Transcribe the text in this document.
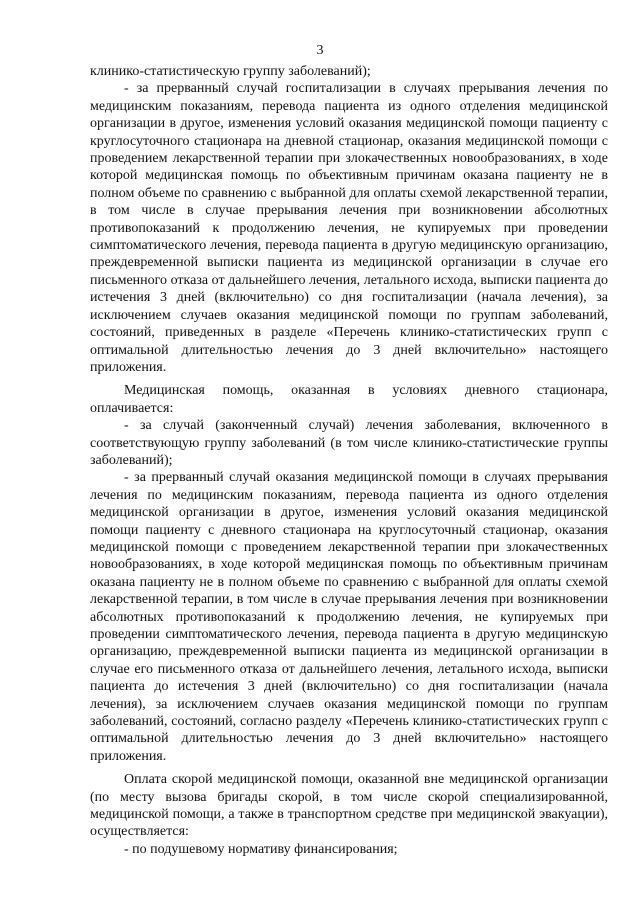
3

клинико-статистическую группу заболеваний);

- за прерванный случай госпитализации в случаях прерывания лечения по медицинским показаниям, перевода пациента из одного отделения медицинской организации в другое, изменения условий оказания медицинской помощи пациенту с круглосуточного стационара на дневной стационар, оказания медицинской помощи с проведением лекарственной терапии при злокачественных новообразованиях, в ходе которой медицинская помощь по объективным причинам оказана пациенту не в полном объеме по сравнению с выбранной для оплаты схемой лекарственной терапии, в том числе в случае прерывания лечения при возникновении абсолютных противопоказаний к продолжению лечения, не купируемых при проведении симптоматического лечения, перевода пациента в другую медицинскую организацию, преждевременной выписки пациента из медицинской организации в случае его письменного отказа от дальнейшего лечения, летального исхода, выписки пациента до истечения 3 дней (включительно) со дня госпитализации (начала лечения), за исключением случаев оказания медицинской помощи по группам заболеваний, состояний, приведенных в разделе «Перечень клинико-статистических групп с оптимальной длительностью лечения до 3 дней включительно» настоящего приложения.

Медицинская помощь, оказанная в условиях дневного стационара, оплачивается:

- за случай (законченный случай) лечения заболевания, включенного в соответствующую группу заболеваний (в том числе клинико-статистические группы заболеваний);

- за прерванный случай оказания медицинской помощи в случаях прерывания лечения по медицинским показаниям, перевода пациента из одного отделения медицинской организации в другое, изменения условий оказания медицинской помощи пациенту с дневного стационара на круглосуточный стационар, оказания медицинской помощи с проведением лекарственной терапии при злокачественных новообразованиях, в ходе которой медицинская помощь по объективным причинам оказана пациенту не в полном объеме по сравнению с выбранной для оплаты схемой лекарственной терапии, в том числе в случае прерывания лечения при возникновении абсолютных противопоказаний к продолжению лечения, не купируемых при проведении симптоматического лечения, перевода пациента в другую медицинскую организацию, преждевременной выписки пациента из медицинской организации в случае его письменного отказа от дальнейшего лечения, летального исхода, выписки пациента до истечения 3 дней (включительно) со дня госпитализации (начала лечения), за исключением случаев оказания медицинской помощи по группам заболеваний, состояний, согласно разделу «Перечень клинико-статистических групп с оптимальной длительностью лечения до 3 дней включительно» настоящего приложения.

Оплата скорой медицинской помощи, оказанной вне медицинской организации (по месту вызова бригады скорой, в том числе скорой специализированной, медицинской помощи, а также в транспортном средстве при медицинской эвакуации), осуществляется:

- по подушевому нормативу финансирования;
